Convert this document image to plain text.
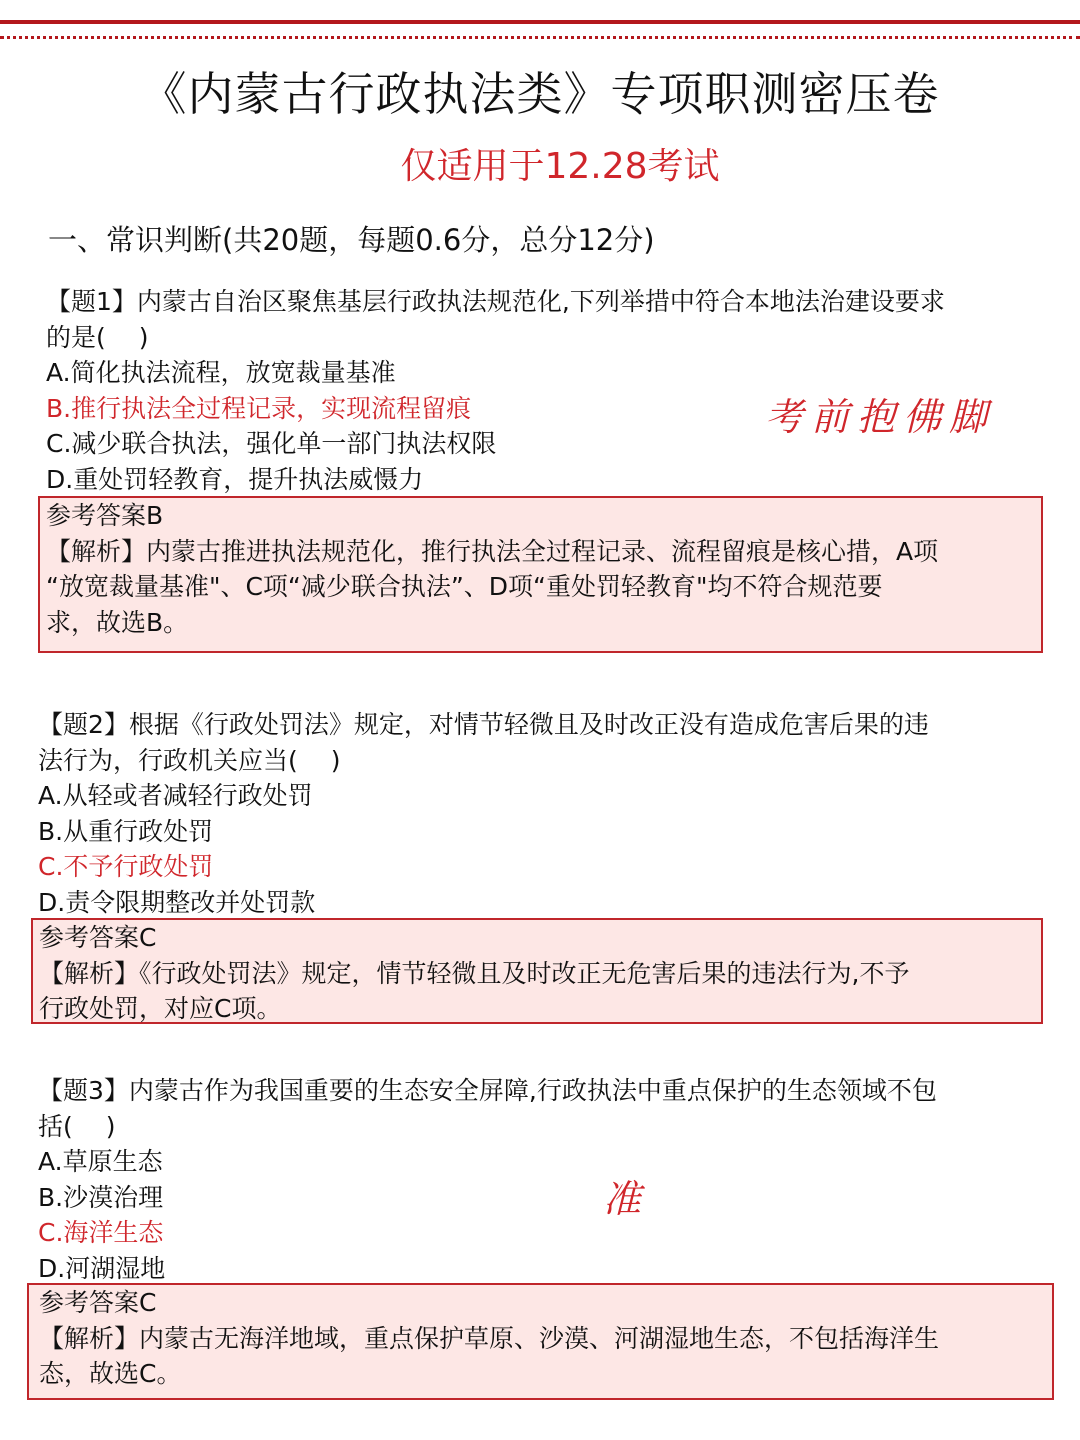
《内蒙古行政执法类》专项职测密压卷
仅适用于12.28考试
一、常识判断(共20题，每题0.6分，总分12分)
【题1】内蒙古自治区聚焦基层行政执法规范化,下列举措中符合本地法治建设要求
的是(　 )
A.简化执法流程，放宽裁量基准
B.推行执法全过程记录，实现流程留痕
C.减少联合执法，强化单一部门执法权限
D.重处罚轻教育，提升执法威慑力
考前抱佛脚
参考答案B
【解析】内蒙古推进执法规范化，推行执法全过程记录、流程留痕是核心措，A项
“放宽裁量基准"、C项“减少联合执法”、D项“重处罚轻教育"均不符合规范要
求，故选B。
【题2】根据《行政处罚法》规定，对情节轻微且及时改正没有造成危害后果的违
法行为，行政机关应当(　 )
A.从轻或者减轻行政处罚
B.从重行政处罚
C.不予行政处罚
D.责令限期整改并处罚款
参考答案C
【解析】《行政处罚法》规定，情节轻微且及时改正无危害后果的违法行为,不予
行政处罚，对应C项。
【题3】内蒙古作为我国重要的生态安全屏障,行政执法中重点保护的生态领域不包
括(　 )
A.草原生态
B.沙漠治理
C.海洋生态
D.河湖湿地
准
参考答案C
【解析】内蒙古无海洋地域，重点保护草原、沙漠、河湖湿地生态，不包括海洋生
态，故选C。
